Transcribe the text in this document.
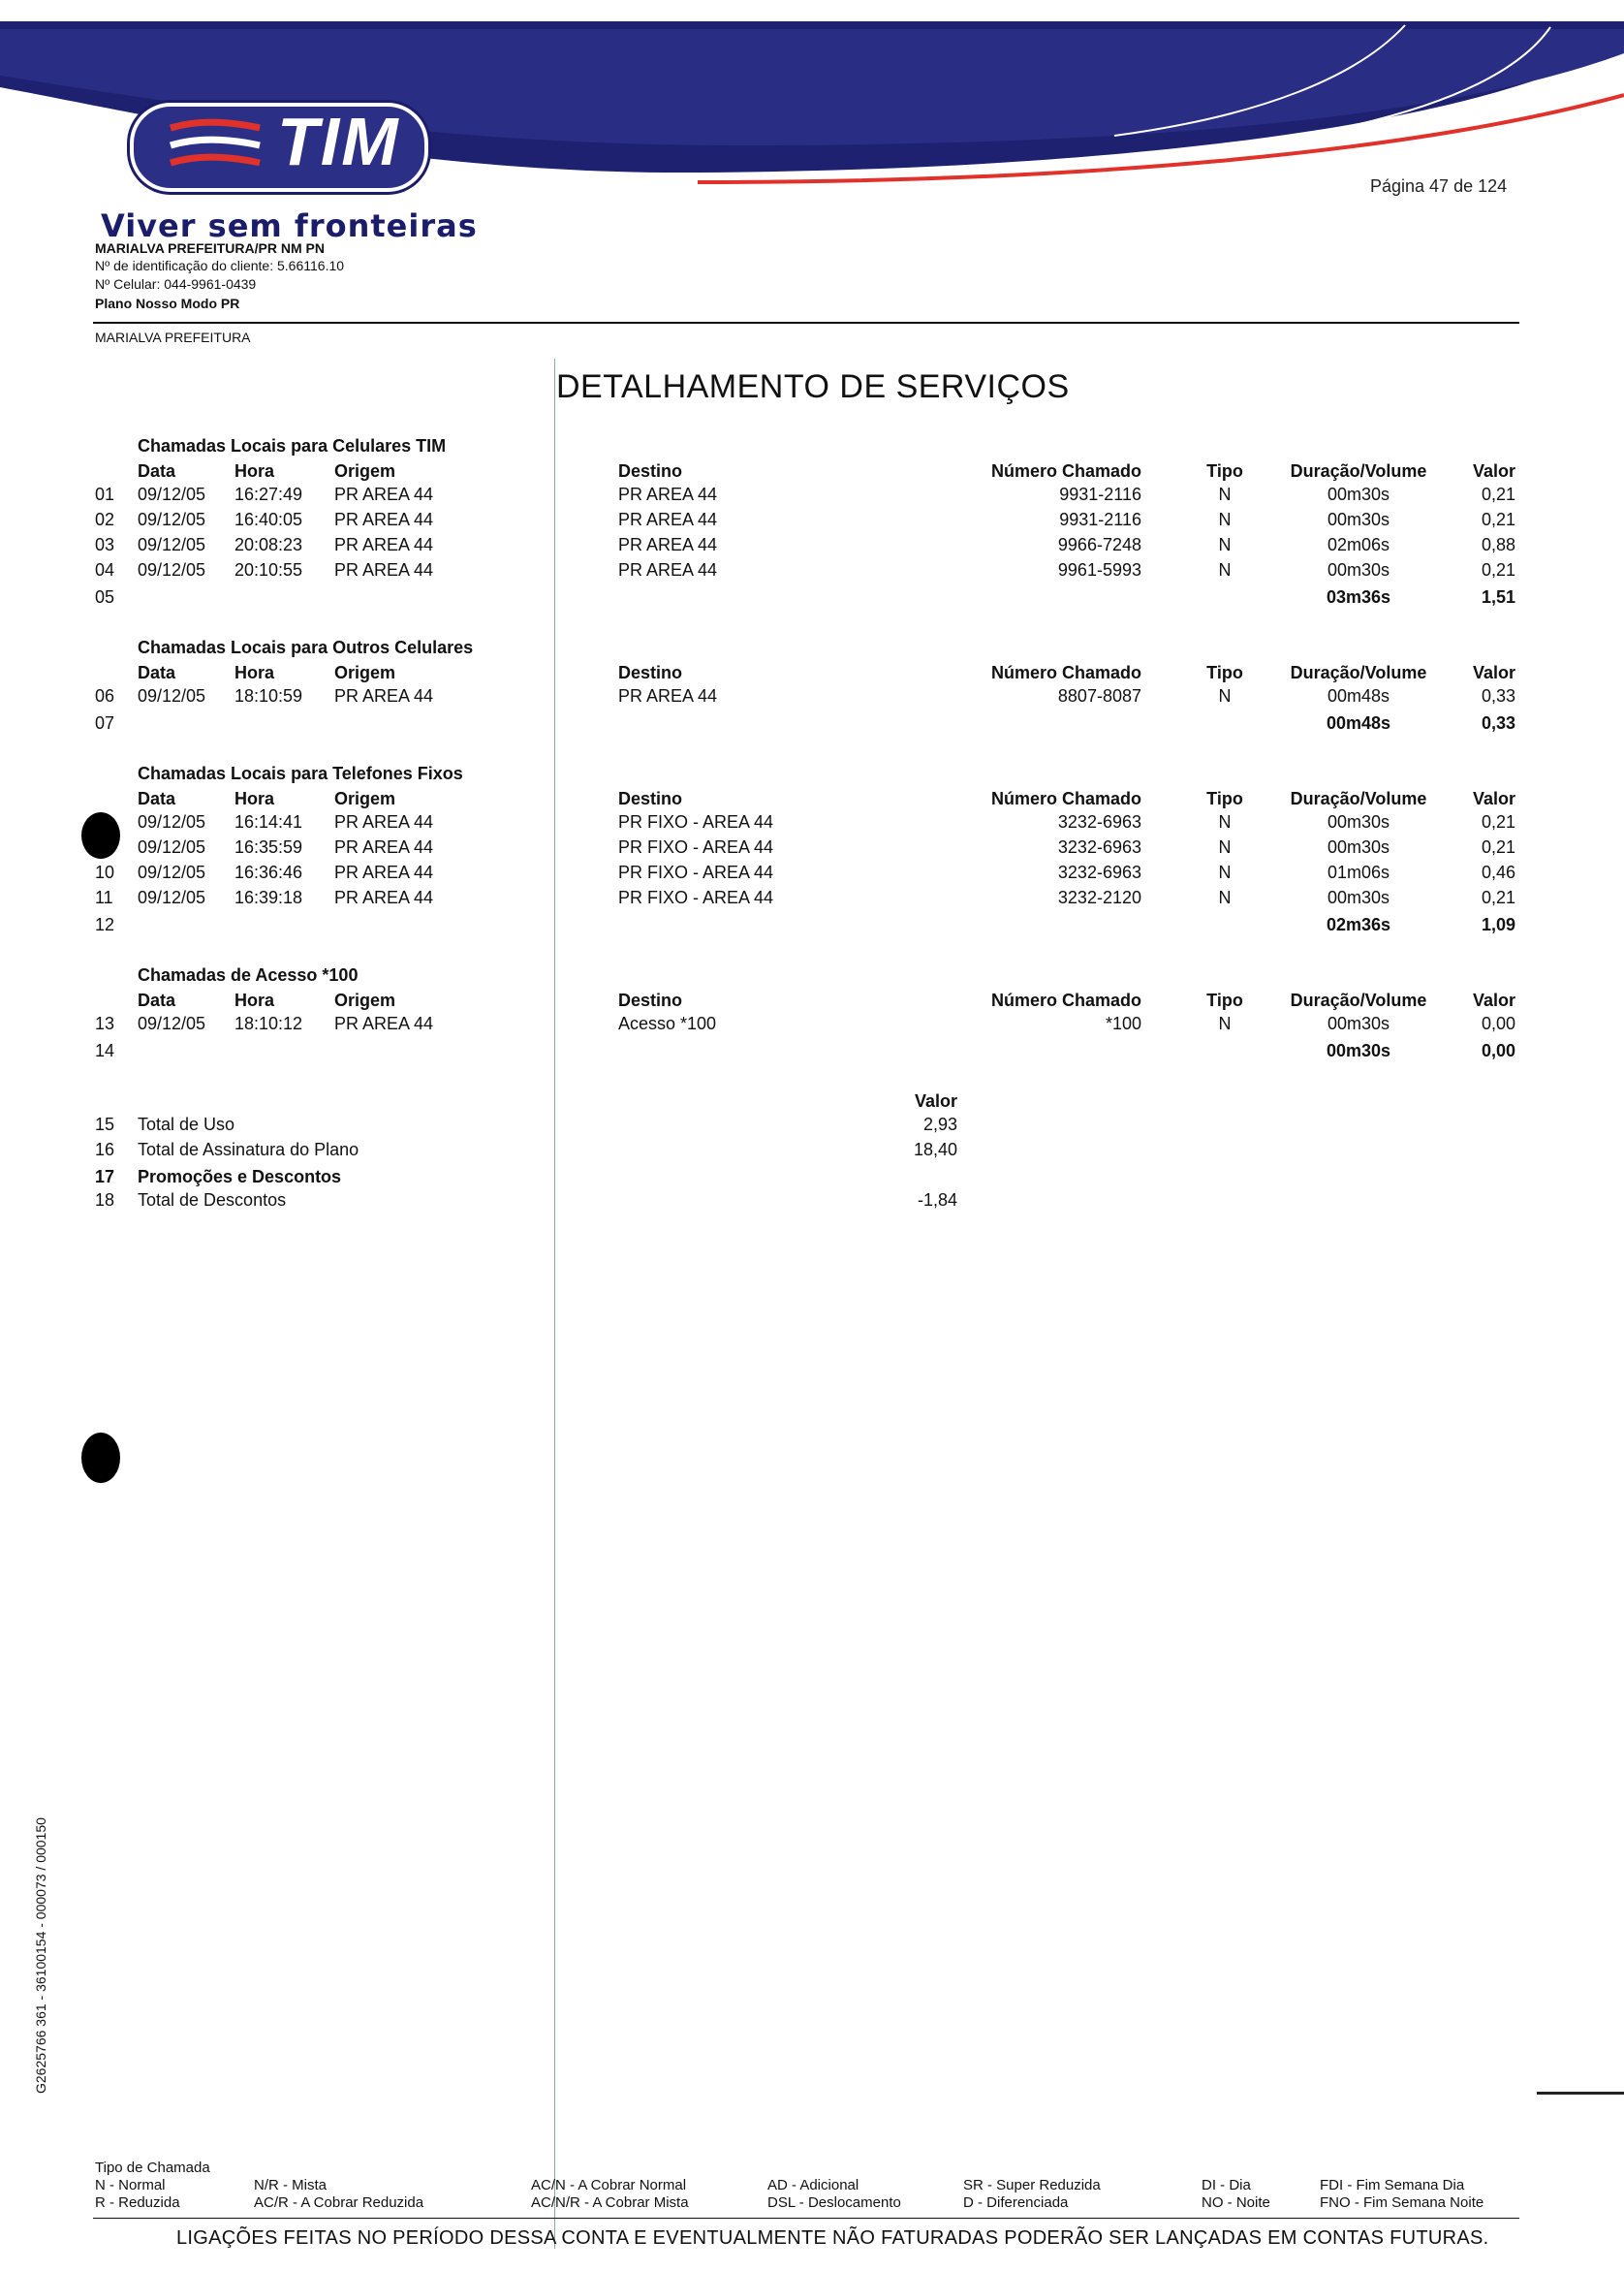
TIM
Viver sem fronteiras
Página 47 de 124
MARIALVA PREFEITURA/PR NM PN
Nº de identificação do cliente: 5.66116.10
Nº Celular: 044-9961-0439
Plano Nosso Modo PR
MARIALVA PREFEITURA
DETALHAMENTO DE SERVIÇOS
Chamadas Locais para Celulares TIM
Data	Hora	Origem	Destino	Número Chamado	Tipo	Duração/Volume	Valor
01 09/12/05 16:27:49 PR AREA 44	PR AREA 44	9931-2116	N	00m30s	0,21
02 09/12/05 16:40:05 PR AREA 44	PR AREA 44	9931-2116	N	00m30s	0,21
03 09/12/05 20:08:23 PR AREA 44	PR AREA 44	9966-7248	N	02m06s	0,88
04 09/12/05 20:10:55 PR AREA 44	PR AREA 44	9961-5993	N	00m30s	0,21
05	03m36s	1,51
Chamadas Locais para Outros Celulares
Data	Hora	Origem	Destino	Número Chamado	Tipo	Duração/Volume	Valor
06 09/12/05 18:10:59 PR AREA 44	PR AREA 44	8807-8087	N	00m48s	0,33
07	00m48s	0,33
Chamadas Locais para Telefones Fixos
Data	Hora	Origem	Destino	Número Chamado	Tipo	Duração/Volume	Valor
09/12/05 16:14:41 PR AREA 44	PR FIXO - AREA 44	3232-6963	N	00m30s	0,21
09/12/05 16:35:59 PR AREA 44	PR FIXO - AREA 44	3232-6963	N	00m30s	0,21
10 09/12/05 16:36:46 PR AREA 44	PR FIXO - AREA 44	3232-6963	N	01m06s	0,46
11 09/12/05 16:39:18 PR AREA 44	PR FIXO - AREA 44	3232-2120	N	00m30s	0,21
12	02m36s	1,09
Chamadas de Acesso *100
Data	Hora	Origem	Destino	Número Chamado	Tipo	Duração/Volume	Valor
13 09/12/05 18:10:12 PR AREA 44	Acesso *100	*100	N	00m30s	0,00
14	00m30s	0,00
Valor
15 Total de Uso	2,93
16 Total de Assinatura do Plano	18,40
17 Promoções e Descontos
18 Total de Descontos	-1,84
G2625766 361 - 36100154 - 000073 / 000150
Tipo de Chamada
N - Normal	N/R - Mista	AC/N - A Cobrar Normal	AD - Adicional	SR - Super Reduzida	DI - Dia	FDI - Fim Semana Dia
R - Reduzida	AC/R - A Cobrar Reduzida	AC/N/R - A Cobrar Mista	DSL - Deslocamento	D - Diferenciada	NO - Noite	FNO - Fim Semana Noite
LIGAÇÕES FEITAS NO PERÍODO DESSA CONTA E EVENTUALMENTE NÃO FATURADAS PODERÃO SER LANÇADAS EM CONTAS FUTURAS.
